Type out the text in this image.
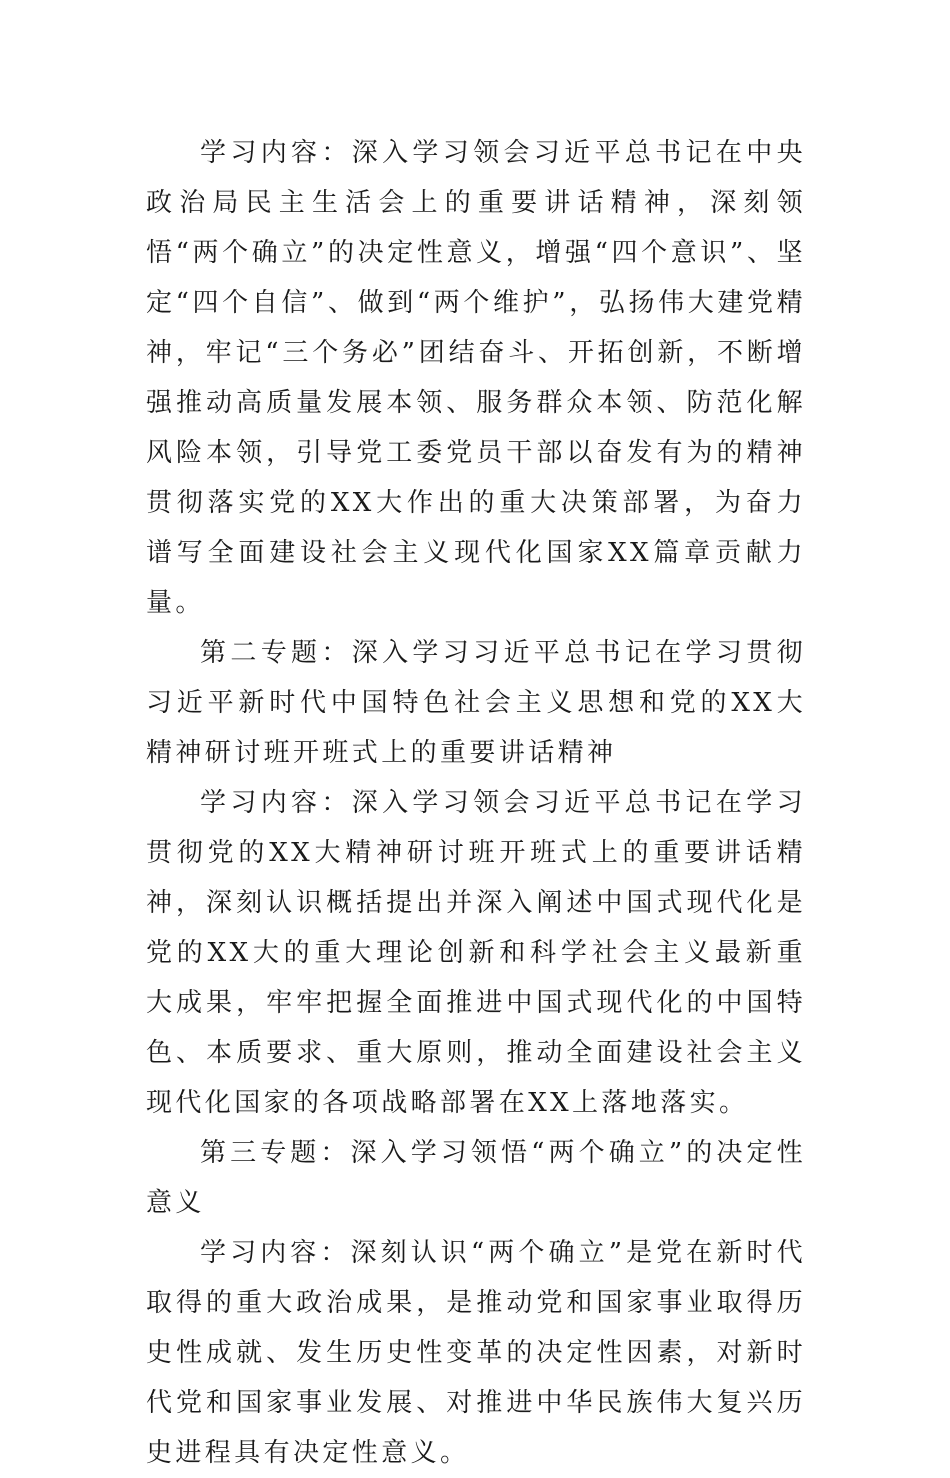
学习内容：深入学习领会习近平总书记在中央政治局民主生活会上的重要讲话精神，深刻领悟“两个确立”的决定性意义，增强“四个意识”、坚定“四个自信”、做到“两个维护”，弘扬伟大建党精神，牢记“三个务必”团结奋斗、开拓创新，不断增强推动高质量发展本领、服务群众本领、防范化解风险本领，引导党工委党员干部以奋发有为的精神贯彻落实党的XX大作出的重大决策部署，为奋力谱写全面建设社会主义现代化国家XX篇章贡献力量。

第二专题：深入学习习近平总书记在学习贯彻习近平新时代中国特色社会主义思想和党的XX大精神研讨班开班式上的重要讲话精神

学习内容：深入学习领会习近平总书记在学习贯彻党的XX大精神研讨班开班式上的重要讲话精神，深刻认识概括提出并深入阐述中国式现代化是党的XX大的重大理论创新和科学社会主义最新重大成果，牢牢把握全面推进中国式现代化的中国特色、本质要求、重大原则，推动全面建设社会主义现代化国家的各项战略部署在XX上落地落实。

第三专题：深入学习领悟“两个确立”的决定性意义

学习内容：深刻认识“两个确立”是党在新时代取得的重大政治成果，是推动党和国家事业取得历史性成就、发生历史性变革的决定性因素，对新时代党和国家事业发展、对推进中华民族伟大复兴历史进程具有决定性意义。
